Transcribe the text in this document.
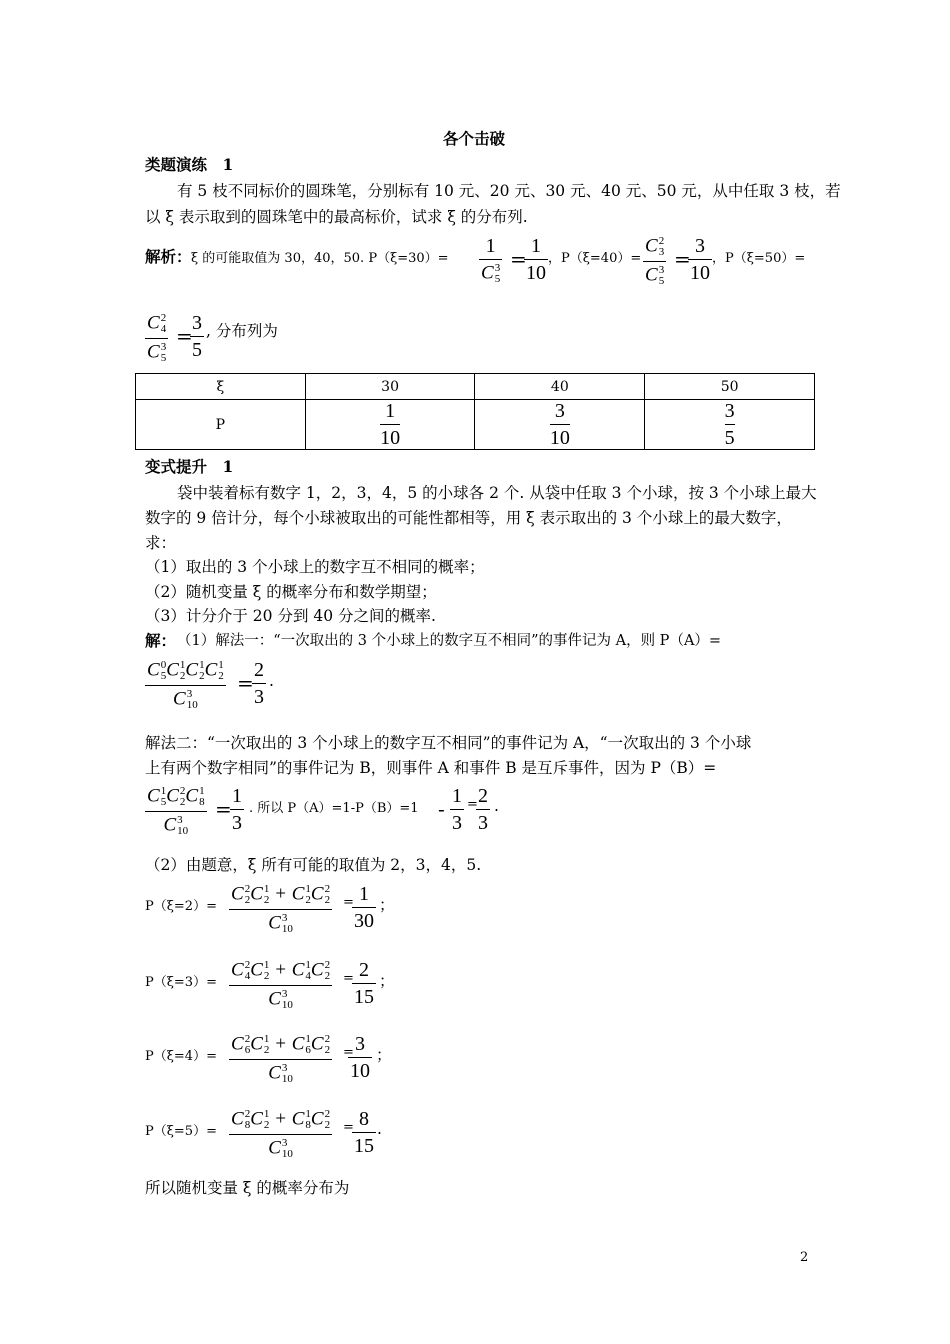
各个击破
类题演练　1
有 5 枝不同标价的圆珠笔，分别标有 10 元、20 元、30 元、40 元、50 元，从中任取 3 枝，若
以 ξ 表示取到的圆珠笔中的最高标价，试求 ξ 的分布列.
解析： ξ 的可能取值为 30，40，50. P（ξ=30）=
1
C 3
5
=
1
10
，P（ξ=40）=
C 2
3
C 3
5
=
3
10
，P（ξ=50）=
C 2
4
C 3
5
=
3
5
, 分布列为
ξ	30	40	50
P	$\frac{1}{10}$	$\frac{3}{10}$	$\frac{3}{5}$
变式提升　1
袋中装着标有数字 1，2，3，4，5 的小球各 2 个. 从袋中任取 3 个小球，按 3 个小球上最大
数字的 9 倍计分，每个小球被取出的可能性都相等，用 ξ 表示取出的 3 个小球上的最大数字，
求：
（1）取出的 3 个小球上的数字互不相同的概率；
（2）随机变量 ξ 的概率分布和数学期望；
（3）计分介于 20 分到 40 分之间的概率.
解： （1）解法一：“一次取出的 3 个小球上的数字互不相同”的事件记为 A，则 P（A）=
C 0
5 C 1
2 C 1
2 C 1
2
C 3
10
=
2
3
.
解法二：“一次取出的 3 个小球上的数字互不相同”的事件记为 A，“一次取出的 3 个小球
上有两个数字相同”的事件记为 B，则事件 A 和事件 B 是互斥事件，因为 P（B）=
C 1
5 C 2
2 C 1
8
C 3
10
=
1
3
. 所以 P（A）=1-P（B）=1 -
1
3
= 2
3
.
（2）由题意，ξ 所有可能的取值为 2，3，4，5.
P（ξ=2）=
C 2
2 C 1
2 + C 1
2 C 2
2
C 3
10
= 1
30
；
P（ξ=3）=
C 2
4 C 1
2 + C 1
4 C 2
2
C 3
10
= 2
15
；
P（ξ=4）=
C 2
6 C 1
2 + C 1
6 C 2
2
C 3
10
= 3
10
；
P（ξ=5）=
C 2
8 C 1
2 + C 1
8 C 2
2
C 3
10
= 8
15
.
所以随机变量 ξ 的概率分布为
2
